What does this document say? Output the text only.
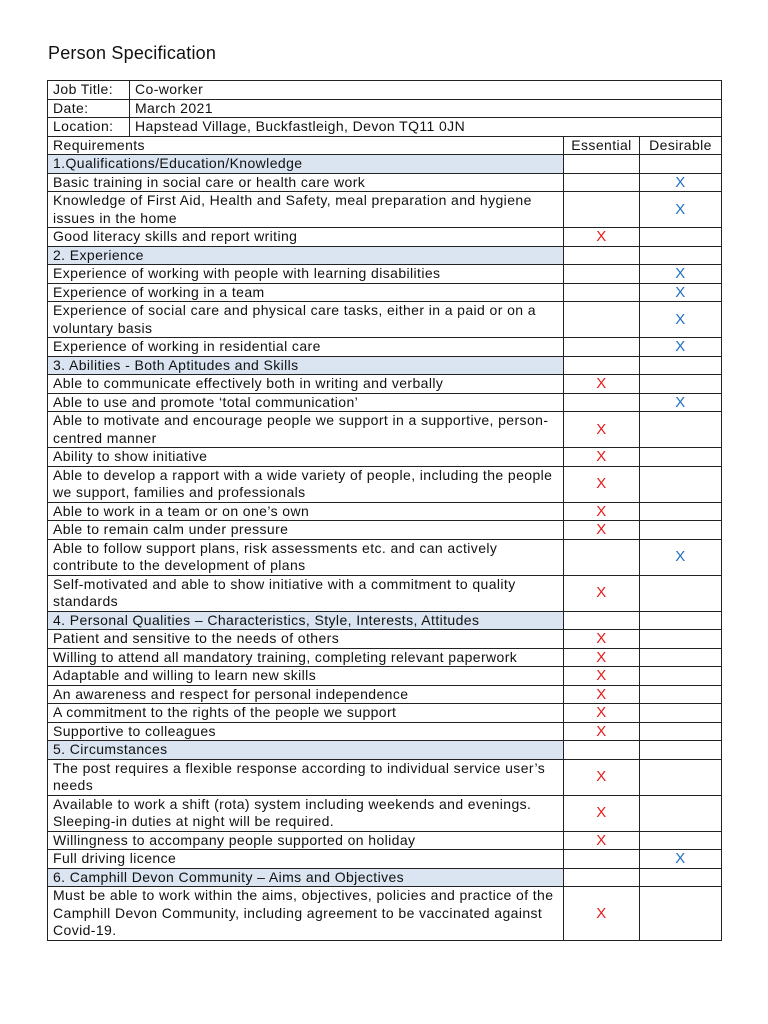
Person Specification
Job Title:	Co-worker		
Date:	March 2021		
Location:	Hapstead Village, Buckfastleigh, Devon TQ11 0JN		
Requirements		Essential	Desirable
1.Qualifications/Education/Knowledge			
Basic training in social care or health care work			X
Knowledge of First Aid, Health and Safety, meal preparation and hygiene issues in the home			X
Good literacy skills and report writing		X	
2. Experience			
Experience of working with people with learning disabilities			X
Experience of working in a team			X
Experience of social care and physical care tasks, either in a paid or on a voluntary basis			X
Experience of working in residential care			X
3. Abilities - Both Aptitudes and Skills			
Able to communicate effectively both in writing and verbally		X	
Able to use and promote ‘total communication’			X
Able to motivate and encourage people we support in a supportive, person-centred manner		X	
Ability to show initiative		X	
Able to develop a rapport with a wide variety of people, including the people we support, families and professionals		X	
Able to work in a team or on one’s own		X	
Able to remain calm under pressure		X	
Able to follow support plans, risk assessments etc. and can actively contribute to the development of plans			X
Self-motivated and able to show initiative with a commitment to quality standards		X	
4. Personal Qualities – Characteristics, Style, Interests, Attitudes			
Patient and sensitive to the needs of others		X	
Willing to attend all mandatory training, completing relevant paperwork		X	
Adaptable and willing to learn new skills		X	
An awareness and respect for personal independence		X	
A commitment to the rights of the people we support		X	
Supportive to colleagues		X	
5. Circumstances			
The post requires a flexible response according to individual service user’s needs		X	
Available to work a shift (rota) system including weekends and evenings. Sleeping-in duties at night will be required.		X	
Willingness to accompany people supported on holiday		X	
Full driving licence			X
6. Camphill Devon Community – Aims and Objectives			
Must be able to work within the aims, objectives, policies and practice of the Camphill Devon Community, including agreement to be vaccinated against Covid-19.		X	
